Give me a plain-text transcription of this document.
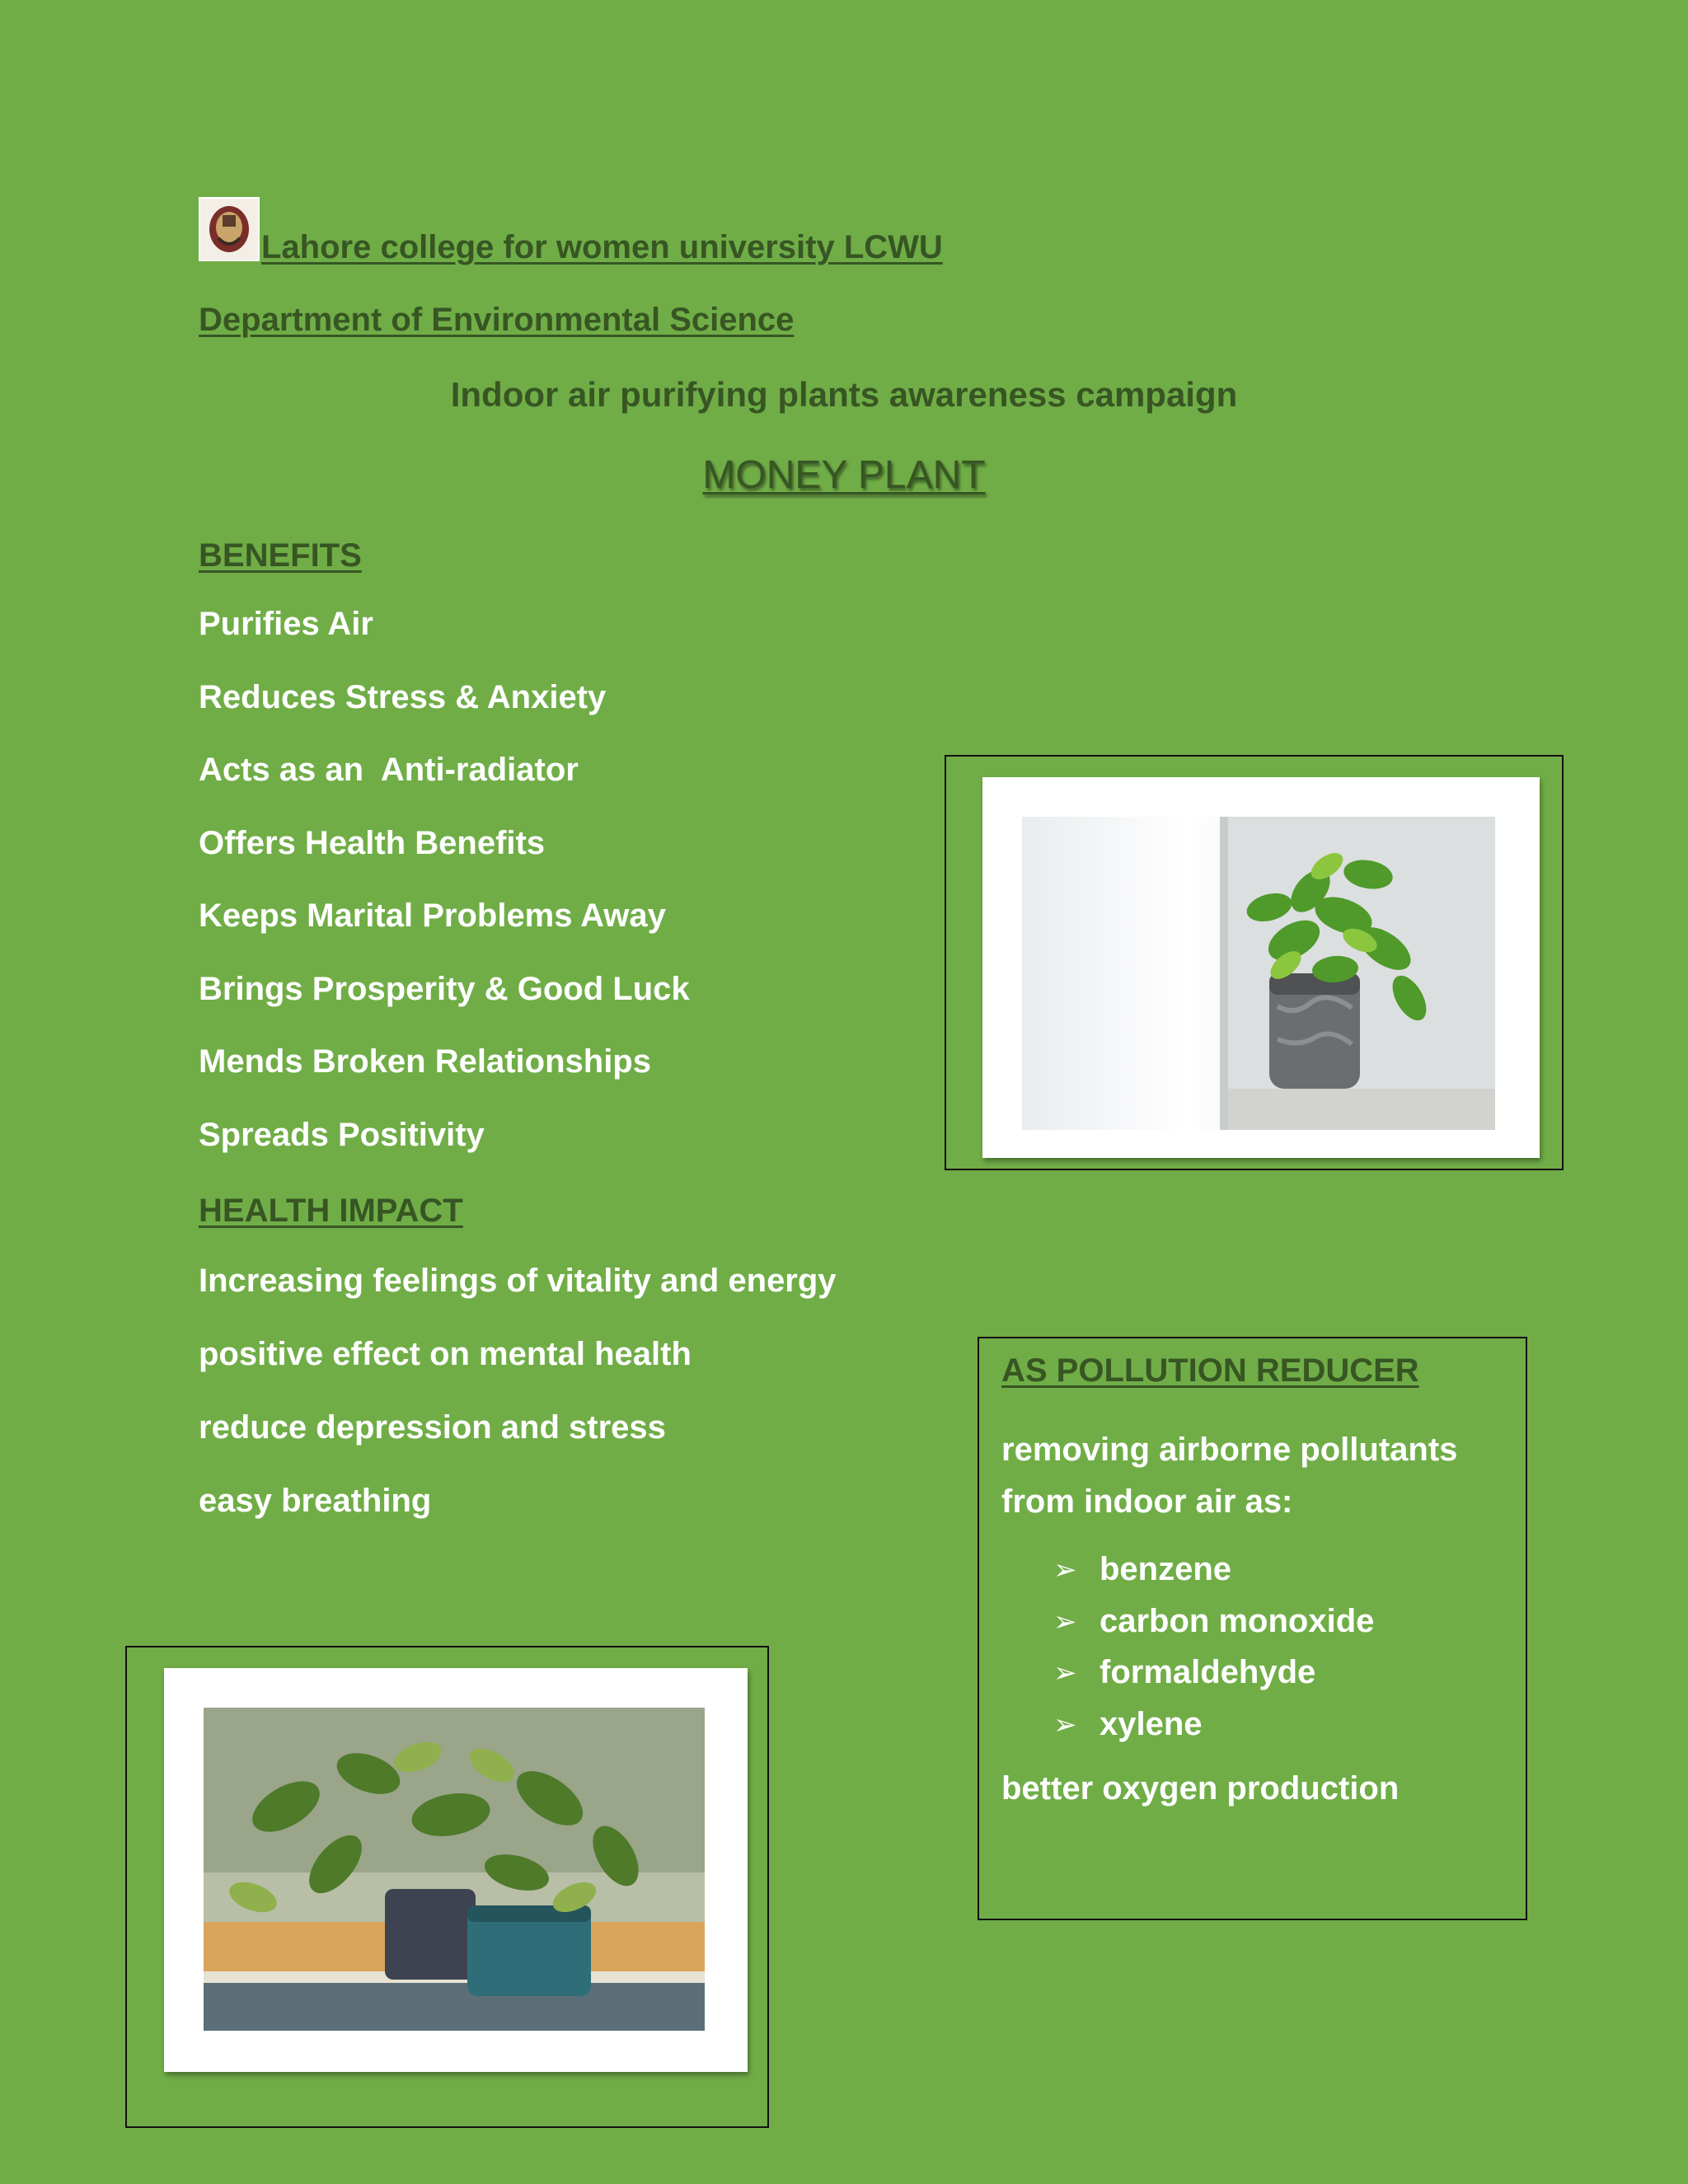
Lahore college for women university LCWU
Department of Environmental Science
Indoor air purifying plants awareness campaign
MONEY PLANT
BENEFITS
Purifies Air
Reduces Stress & Anxiety
Acts as an  Anti-radiator
Offers Health Benefits
Keeps Marital Problems Away
Brings Prosperity & Good Luck
Mends Broken Relationships
Spreads Positivity
HEALTH IMPACT
Increasing feelings of vitality and energy
positive effect on mental health
reduce depression and stress
easy breathing
AS POLLUTION REDUCER
removing airborne pollutants from indoor air as:
➢ benzene
➢ carbon monoxide
➢ formaldehyde
➢ xylene
better oxygen production
